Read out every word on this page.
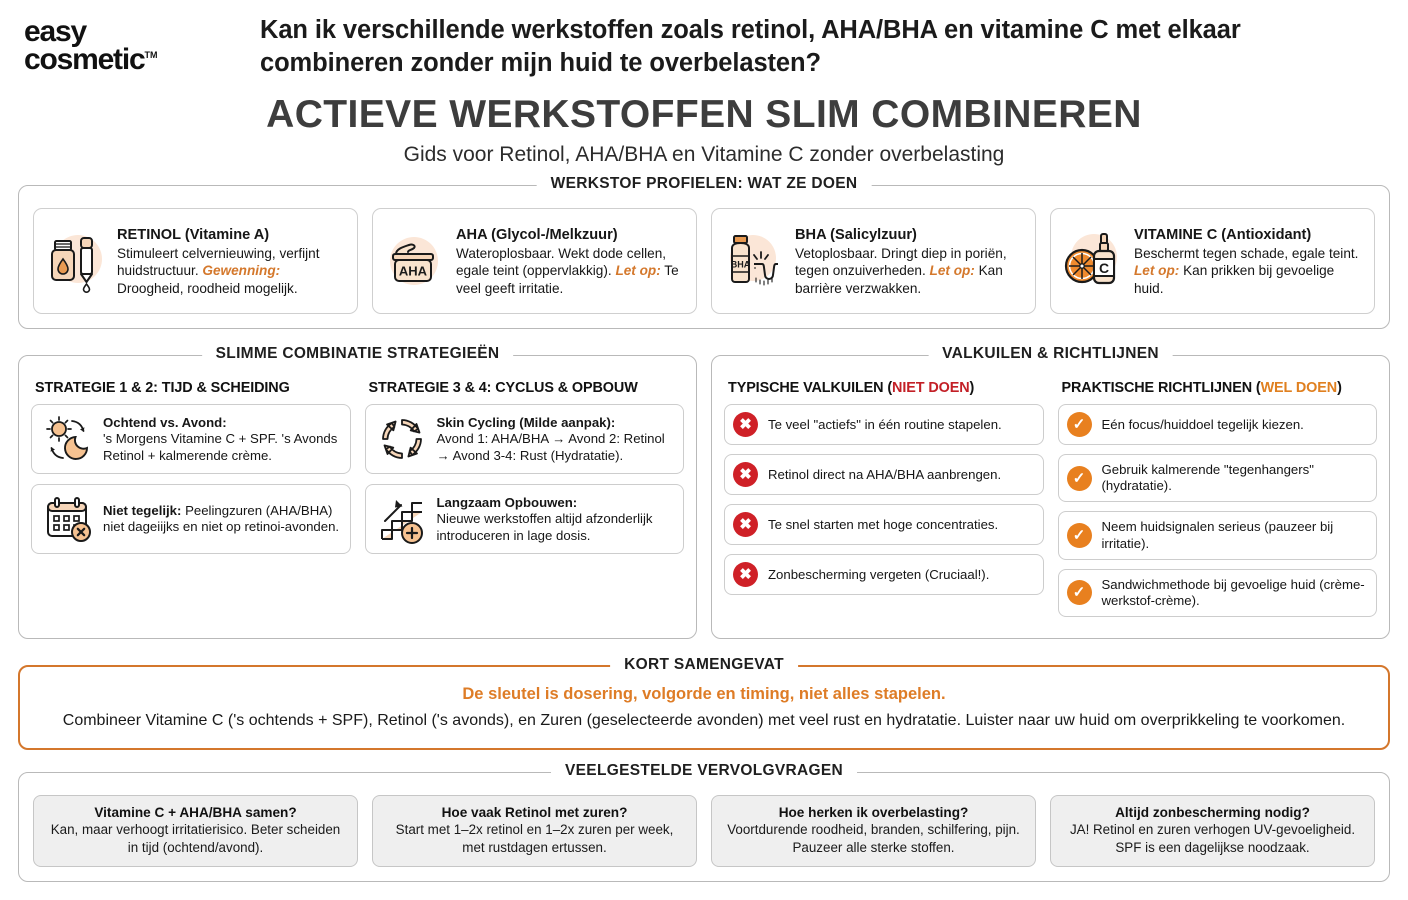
easy
cosmetic™
Kan ik verschillende werkstoffen zoals retinol, AHA/BHA en vitamine C met elkaar combineren zonder mijn huid te overbelasten?
ACTIEVE WERKSTOFFEN SLIM COMBINEREN
Gids voor Retinol, AHA/BHA en Vitamine C zonder overbelasting
WERKSTOF PROFIELEN: WAT ZE DOEN
RETINOL (Vitamine A)
Stimuleert celvernieuwing, verfijnt huidstructuur. Gewenning: Droogheid, roodheid mogelijk.
AHA
AHA (Glycol-/Melkzuur)
Wateroplosbaar. Wekt dode cellen, egale teint (oppervlakkig). Let op: Te veel geeft irritatie.
BHA
BHA (Salicylzuur)
Vetoplosbaar. Dringt diep in poriën, tegen onzuiverheden. Let op: Kan barrière verzwakken.
C
VITAMINE C (Antioxidant)
Beschermt tegen schade, egale teint. Let op: Kan prikken bij gevoelige huid.
SLIMME COMBINATIE STRATEGIEËN
STRATEGIE 1 & 2: TIJD & SCHEIDING
Ochtend vs. Avond:
's Morgens Vitamine C + SPF. 's Avonds Retinol + kalmerende crème.
Niet tegelijk: Peelingzuren (AHA/BHA) niet dageiijks en niet op retinoi-avonden.
STRATEGIE 3 & 4: CYCLUS & OPBOUW
Skin Cycling (Milde aanpak):
Avond 1: AHA/BHA → Avond 2: Retinol → Avond 3-4: Rust (Hydratatie).
Langzaam Opbouwen:
Nieuwe werkstoffen altijd afzonderlijk introduceren in lage dosis.
VALKUILEN & RICHTLIJNEN
TYPISCHE VALKUILEN (NIET DOEN)
✖	Te veel "actiefs" in één routine stapelen.
✖	Retinol direct na AHA/BHA aanbrengen.
✖	Te snel starten met hoge concentraties.
✖	Zonbescherming vergeten (Cruciaal!).
PRAKTISCHE RICHTLIJNEN (WEL DOEN)
✓	Eén focus/huiddoel tegelijk kiezen.
✓
Gebruik kalmerende "tegenhangers" (hydratatie).
✓
Neem huidsignalen serieus (pauzeer bij irritatie).
✓
Sandwichmethode bij gevoelige huid (crème-werkstof-crème).
KORT SAMENGEVAT
De sleutel is dosering, volgorde en timing, niet alles stapelen.
Combineer Vitamine C ('s ochtends + SPF), Retinol ('s avonds), en Zuren (geselecteerde avonden) met veel rust en hydratatie. Luister naar uw huid om overprikkeling te voorkomen.
VEELGESTELDE VERVOLGVRAGEN
Vitamine C + AHA/BHA samen?
Kan, maar verhoogt irritatierisico. Beter scheiden in tijd (ochtend/avond).
Hoe vaak Retinol met zuren?
Start met 1–2x retinol en 1–2x zuren per week, met rustdagen ertussen.
Hoe herken ik overbelasting?
Voortdurende roodheid, branden, schilfering, pijn. Pauzeer alle sterke stoffen.
Altijd zonbescherming nodig?
JA! Retinol en zuren verhogen UV-gevoeligheid. SPF is een dagelijkse noodzaak.
